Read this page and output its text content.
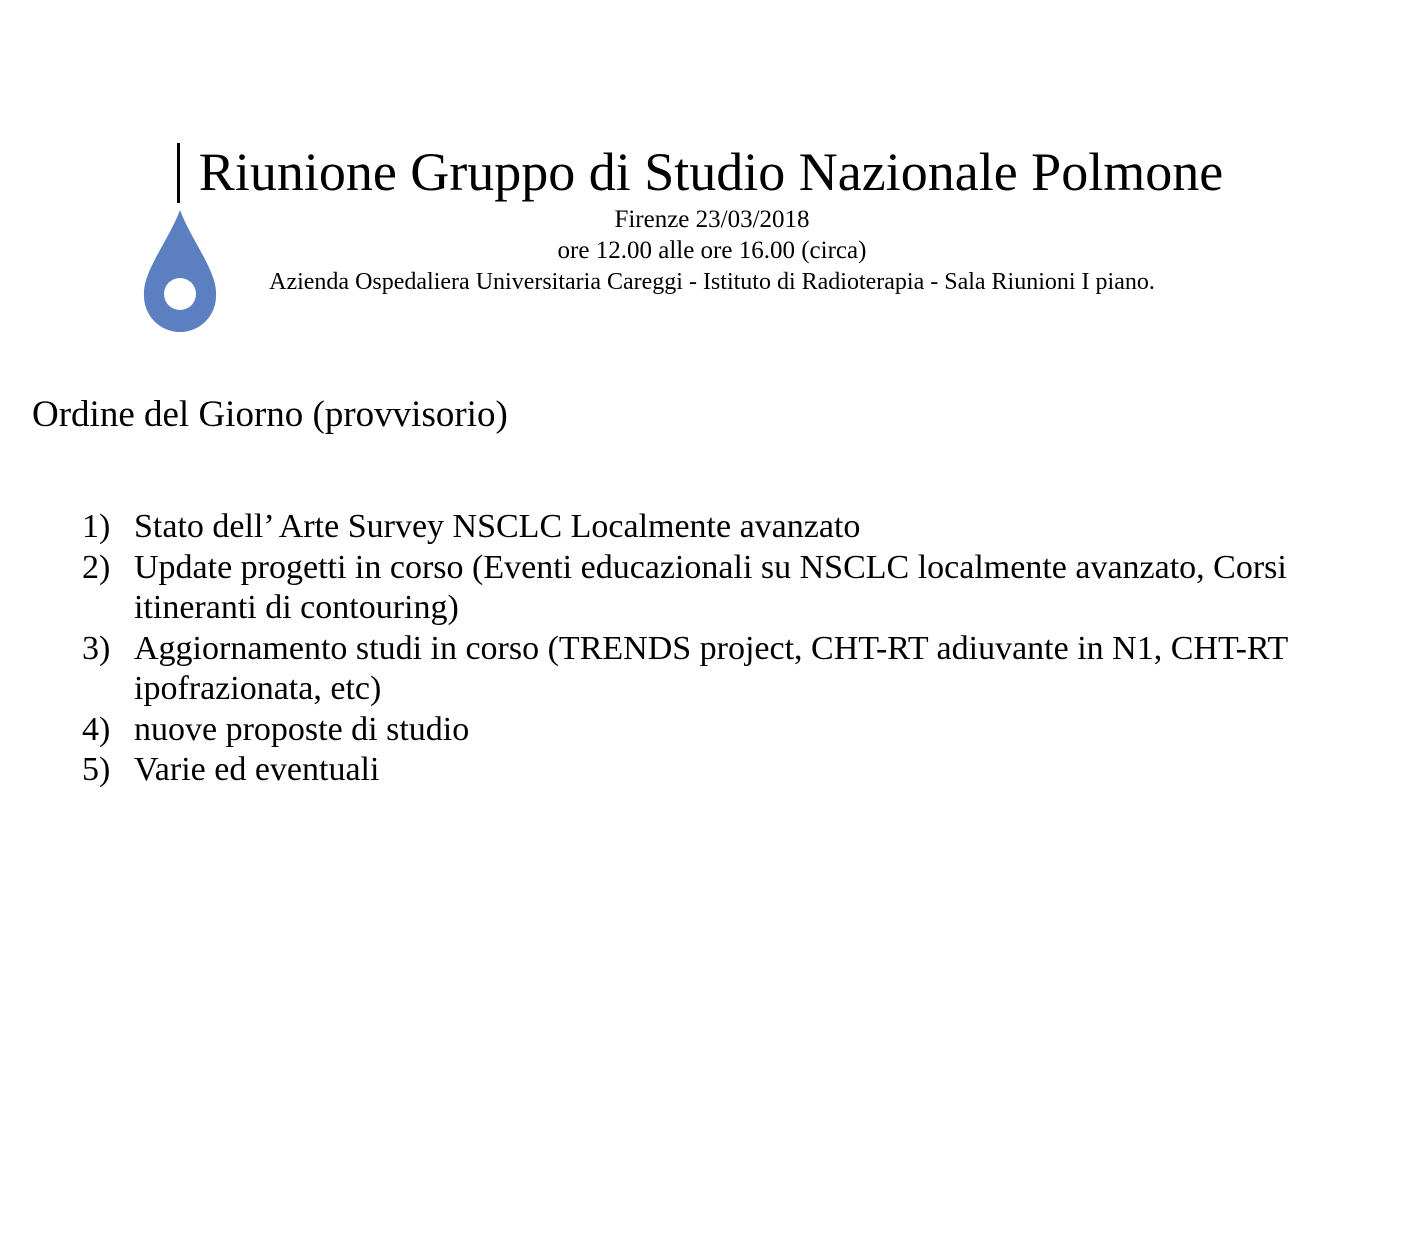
Riunione Gruppo di Studio Nazionale Polmone

Firenze 23/03/2018

ore 12.00 alle ore 16.00 (circa)

Azienda Ospedaliera Universitaria Careggi - Istituto di Radioterapia - Sala Riunioni I piano.

Ordine del Giorno (provvisorio)
1) Stato dell’ Arte Survey NSCLC Localmente avanzato
2) Update progetti in corso (Eventi educazionali su NSCLC localmente avanzato, Corsi itineranti di contouring)
3) Aggiornamento studi in corso (TRENDS project, CHT-RT adiuvante in N1, CHT-RT ipofrazionata, etc)
4) nuove proposte di studio
5) Varie ed eventuali
